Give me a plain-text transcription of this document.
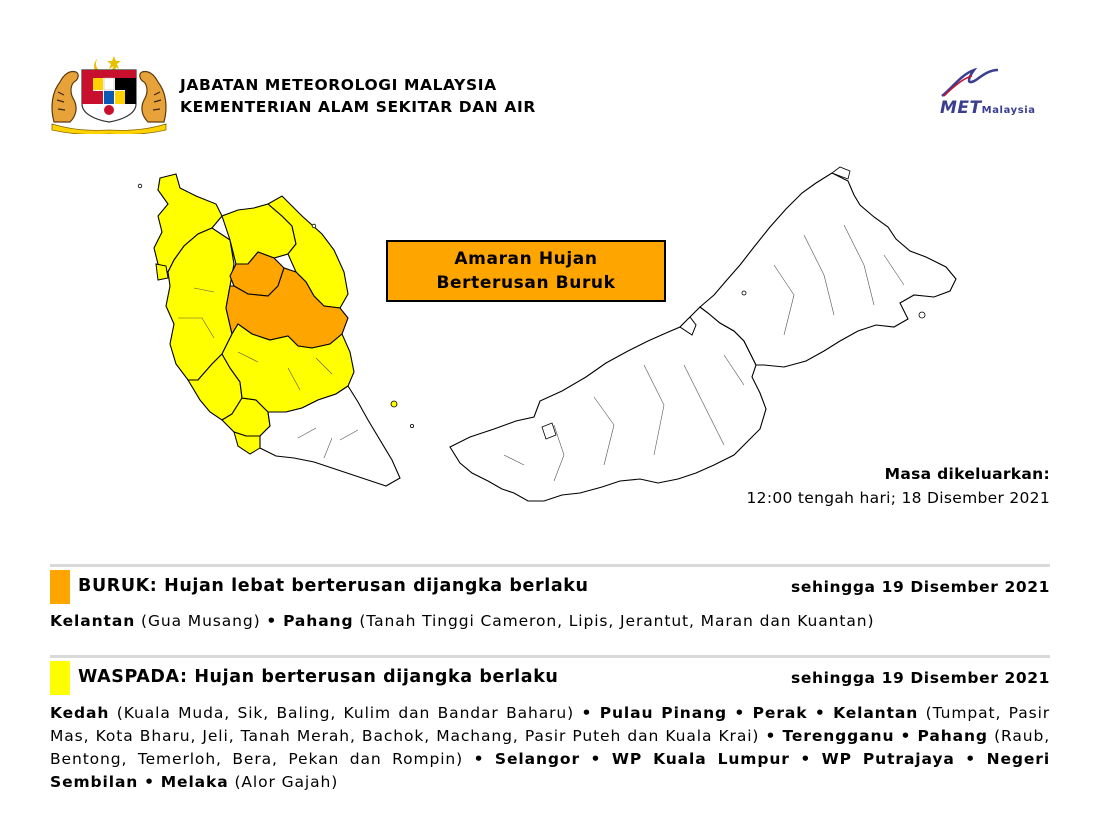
JABATAN METEOROLOGI MALAYSIA
KEMENTERIAN ALAM SEKITAR DAN AIR	METMalaysia
Amaran Hujan
Berterusan Buruk
Masa dikeluarkan:
12:00 tengah hari; 18 Disember 2021
BURUK: Hujan lebat berterusan dijangka berlaku	sehingga 19 Disember 2021
Kelantan (Gua Musang) • Pahang (Tanah Tinggi Cameron, Lipis, Jerantut, Maran dan Kuantan)
WASPADA: Hujan berterusan dijangka berlaku	sehingga 19 Disember 2021
Kedah (Kuala Muda, Sik, Baling, Kulim dan Bandar Baharu) • Pulau Pinang • Perak • Kelantan (Tumpat, Pasir Mas, Kota Bharu, Jeli, Tanah Merah, Bachok, Machang, Pasir Puteh dan Kuala Krai) • Terengganu • Pahang (Raub, Bentong, Temerloh, Bera, Pekan dan Rompin) • Selangor • WP Kuala Lumpur • WP Putrajaya • Negeri Sembilan • Melaka (Alor Gajah)
